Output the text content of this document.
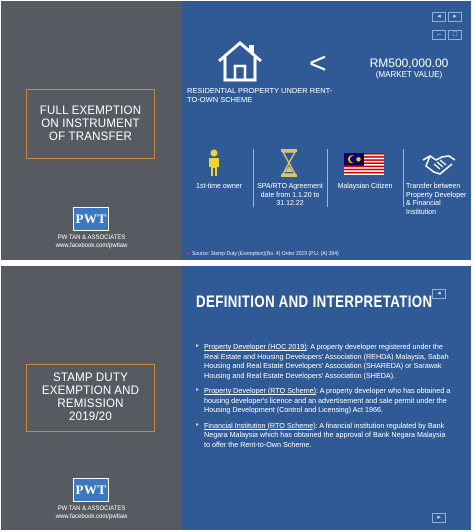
FULL EXEMPTION
ON INSTRUMENT
OF TRANSFER
PWT
PW TAN & ASSOCIATES
www.facebook.com/pwtlaw
◂ ▸ – □
<	RM500,000.00
(MARKET VALUE)
RESIDENTIAL PROPERTY UNDER RENT-TO-OWN SCHEME
1st-time owner	SPA/RTO Agreement date from 1.1.20 to 31.12.22
Malaysian Citizen	Transfer between Property Developer & Financial Institution
▸ Source: Stamp Duty (Exemption)(No. 4) Order 2019 (P.U. (A) 394)
STAMP DUTY
EXEMPTION AND
REMISSION
2019/20
PWT
PW TAN & ASSOCIATES
www.facebook.com/pwtlaw
◂
▸
DEFINITION AND INTERPRETATION
▸ Property Developer (HOC 2019): A property developer registered under the Real Estate and Housing Developers' Association (REHDA) Malaysia, Sabah Housing and Real Estate Developers' Association (SHAREDA) or Sarawak Housing and Real Estate Developers' Association (SHEDA).
▸ Property Developer (RTO Scheme): A property developer who has obtained a housing developer's licence and an advertisement and sale permit under the Housing Development (Control and Licensing) Act 1966.
▸ Financial Institution (RTO Scheme): A financial institution regulated by Bank Negara Malaysia which has obtained the approval of Bank Negara Malaysia to offer the Rent-to-Own Scheme.
